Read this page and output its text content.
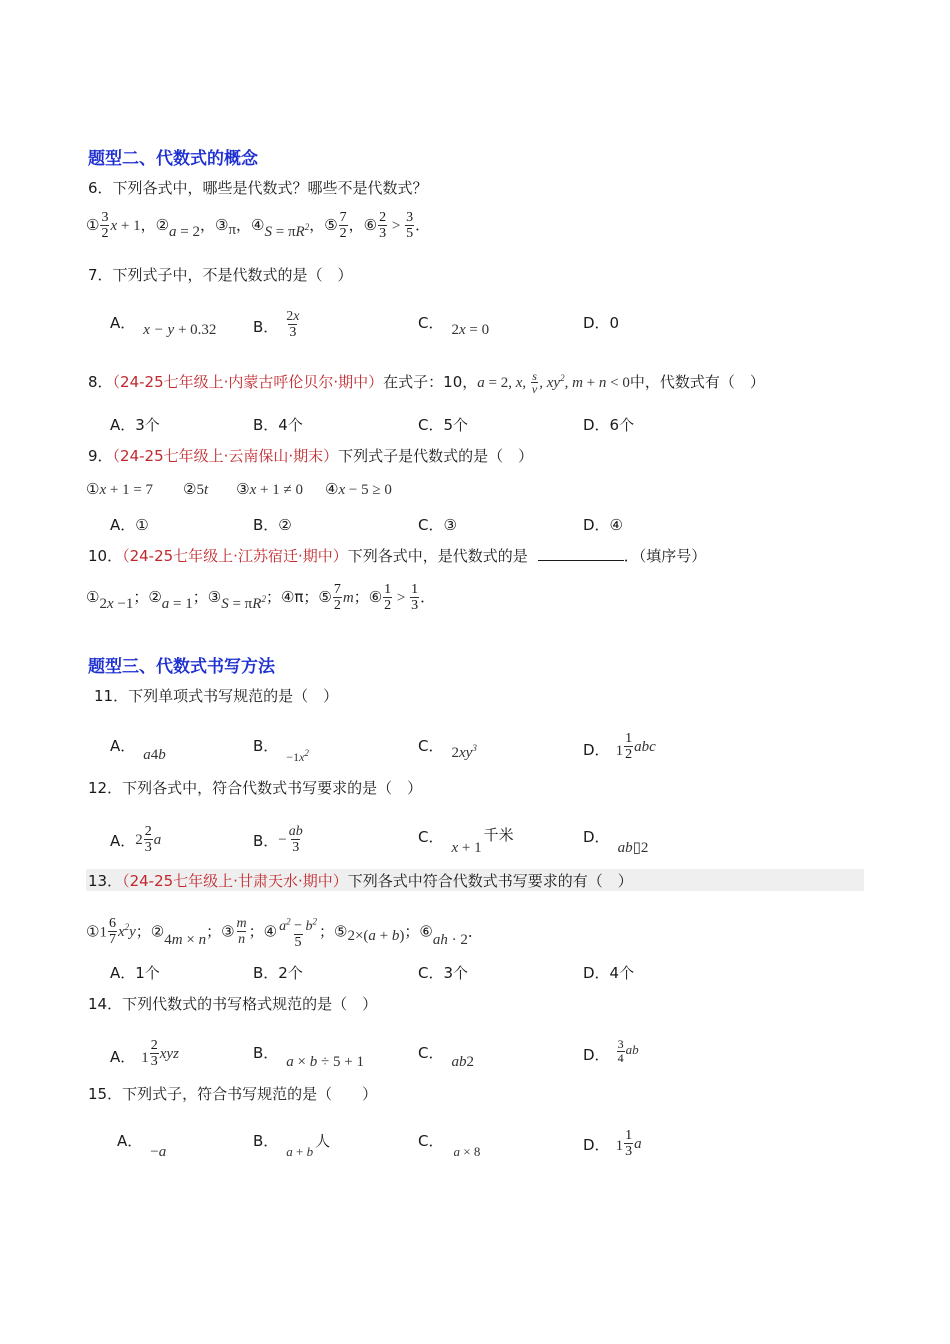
题型二、代数式的概念
6．下列各式中，哪些是代数式？哪些不是代数式？
① $\frac{3}{2}$ x + 1，②a = 2，③π，④S = $\pi R^2$，⑤ $\frac{7}{2}$ ，⑥ $\frac{2}{3} > \frac{3}{5}$ ．
7．下列式子中，不是代数式的是（　）
A． x − y + 0.32 B． $\frac{2x}{3}$	C． 2x = 0	D．0
8．（24-25七年级上·内蒙古呼伦贝尔·期中）在式子：10，a = 2, x, $\frac{s}{v}$ , $xy^2$, m + n < 0中，代数式有（　）
A．3个	B．4个	C．5个	D．6个
9．（24-25七年级上·云南保山·期末）下列式子是代数式的是（　）
①x + 1 = 7 ②5t ③x + 1 ≠ 0 ④x − 5 ≥ 0
A．①	B．②	C．③	D．④
10．（24-25七年级上·江苏宿迁·期中）下列各式中，是代数式的是	．（填序号）
①2x −1；②a = 1；③S = $\pi R^2$；④π；⑤ $\frac{7}{2}$ m；⑥ $\frac{1}{2} > \frac{1}{3}$ ．
题型三、代数式书写方法
11．下列单项式书写规范的是（　）
A． a4b	B．$_{-1x^2}$	C． $2xy^3$	D． $1 \frac{1}{2}$ abc
12．下列各式中，符合代数式书写要求的是（　）
A．$2 \frac{2}{3}$ a	B．− $\frac{ab}{3}$	C．x + 1千米	D．ab▯2
13．（24-25七年级上·甘肃天水·期中）下列各式中符合代数式书写要求的有（　）
①1 $\frac{6}{7} x^2y$；②4m × n；③ $\frac{m}{n}$ ；④ $\frac{a^2 - b^2}{5}$ ；⑤2×(a + b)；⑥ah · 2．
A．1个	B．2个	C．3个	D．4个
14．下列代数式的书写格式规范的是（　）
A． $1 \frac{2}{3}$ xyz	B． a × b ÷ 5 + 1	C． ab2	D． $\frac{3}{4}$ ab
15．下列式子，符合书写规范的是（　　）
A．−a
B．a + b人	C．a × 8	D． $1 \frac{1}{3}$ a
